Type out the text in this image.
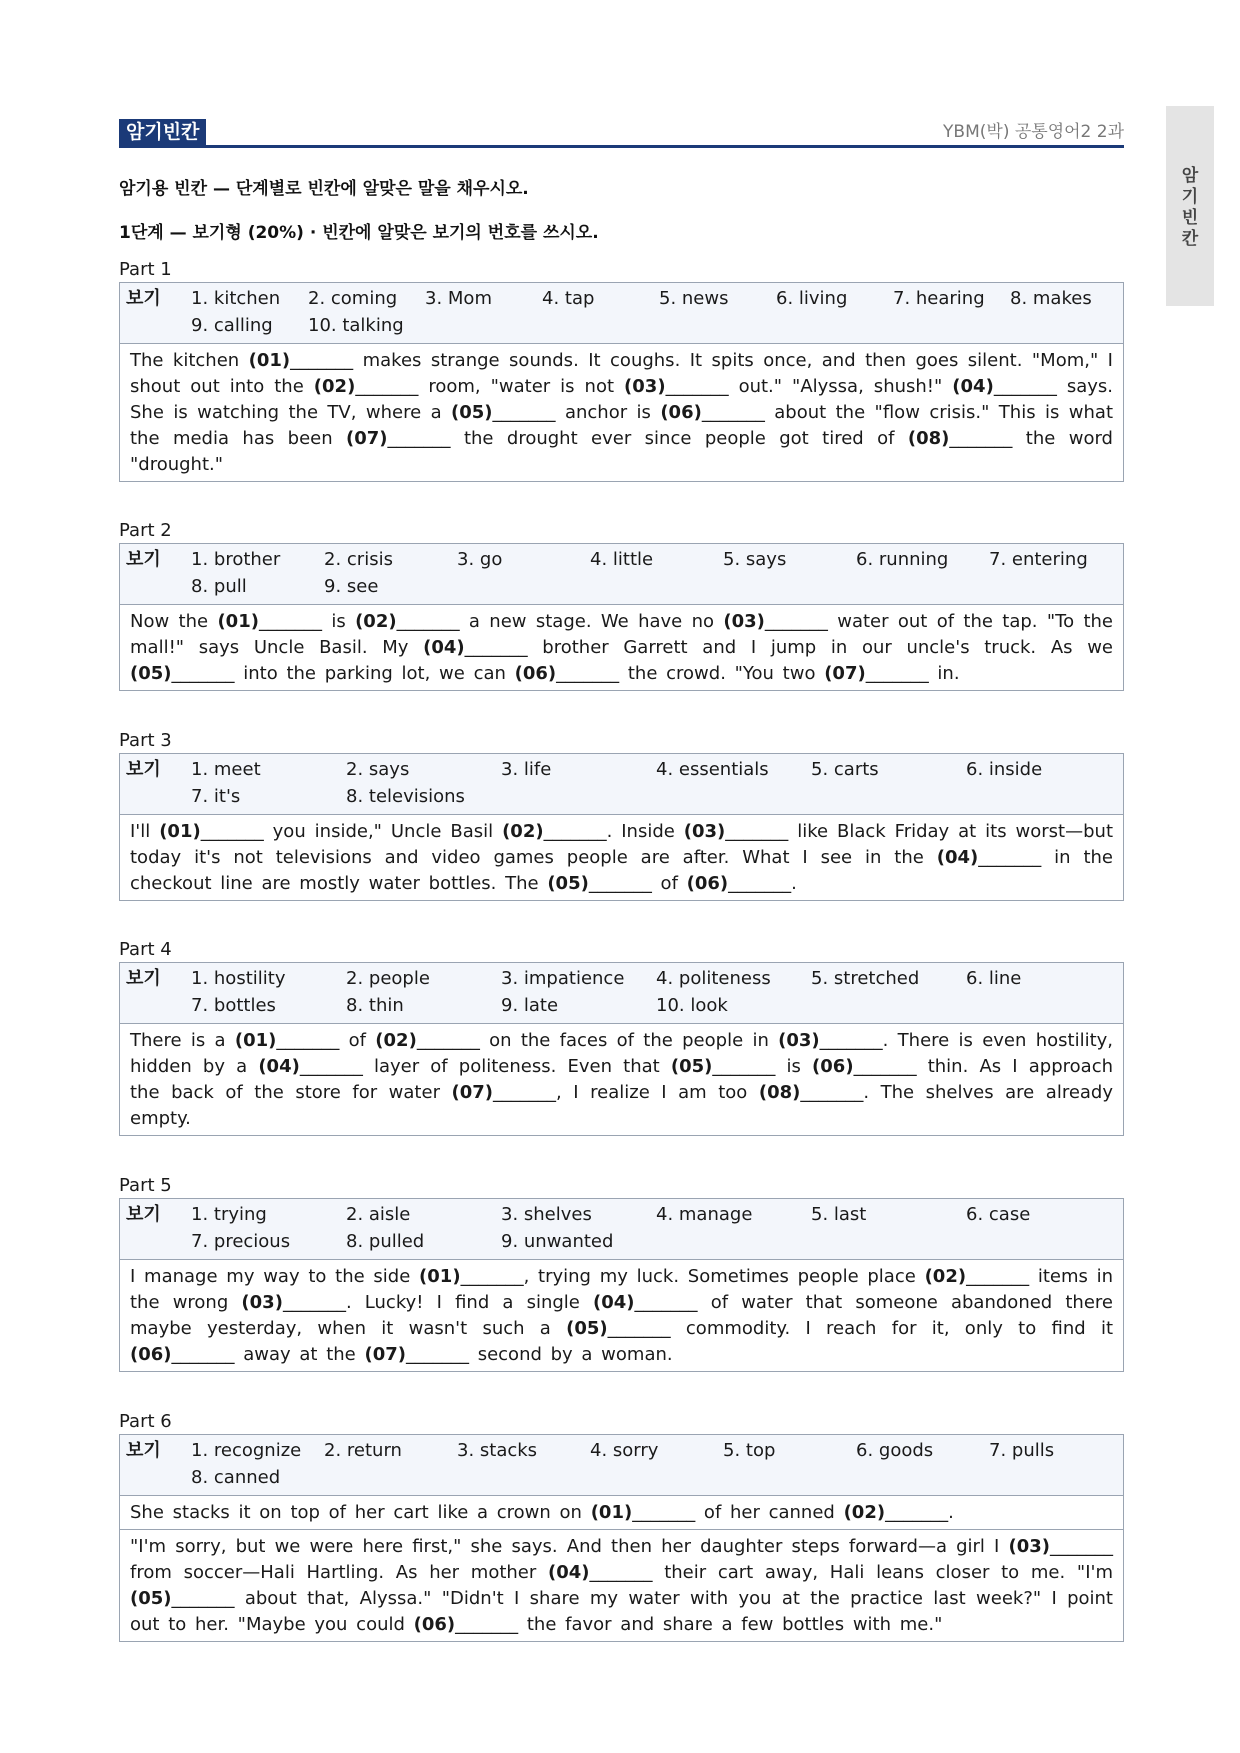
암기빈칸	YBM(박) 공통영어2 2과
암
기
빈
칸
암기용 빈칸 — 단계별로 빈칸에 알맞은 말을 채우시오.
1단계 — 보기형 (20%) · 빈칸에 알맞은 보기의 번호를 쓰시오.
Part 1
보기 1. kitchen	2. coming	3. Mom	4. tap	5. news	6. living	7. hearing	8. makes
9. calling	10. talking
The kitchen (01)_______ makes strange sounds. It coughs. It spits once, and then goes silent. "Mom," I shout out into the (02)_______ room, "water is not (03)_______ out." "Alyssa, shush!" (04)_______ says. She is watching the TV, where a (05)_______ anchor is (06)_______ about the "flow crisis." This is what the media has been (07)_______ the drought ever since people got tired of (08)_______ the word "drought."
Part 2
보기 1. brother	2. crisis	3. go	4. little	5. says	6. running	7. entering
8. pull	9. see
Now the (01)_______ is (02)_______ a new stage. We have no (03)_______ water out of the tap. "To the mall!" says Uncle Basil. My (04)_______ brother Garrett and I jump in our uncle's truck. As we (05)_______ into the parking lot, we can (06)_______ the crowd. "You two (07)_______ in.
Part 3
보기 1. meet	2. says	3. life	4. essentials	5. carts	6. inside
7. it's	8. televisions
I'll (01)_______ you inside," Uncle Basil (02)_______. Inside (03)_______ like Black Friday at its worst—but today it's not televisions and video games people are after. What I see in the (04)_______ in the checkout line are mostly water bottles. The (05)_______ of (06)_______.
Part 4
보기 1. hostility	2. people	3. impatience	4. politeness	5. stretched	6. line
7. bottles	8. thin	9. late	10. look
There is a (01)_______ of (02)_______ on the faces of the people in (03)_______. There is even hostility, hidden by a (04)_______ layer of politeness. Even that (05)_______ is (06)_______ thin. As I approach the back of the store for water (07)_______, I realize I am too (08)_______. The shelves are already empty.
Part 5
보기 1. trying	2. aisle	3. shelves	4. manage	5. last	6. case
7. precious	8. pulled	9. unwanted
I manage my way to the side (01)_______, trying my luck. Sometimes people place (02)_______ items in the wrong (03)_______. Lucky! I find a single (04)_______ of water that someone abandoned there maybe yesterday, when it wasn't such a (05)_______ commodity. I reach for it, only to find it (06)_______ away at the (07)_______ second by a woman.
Part 6
보기 1. recognize	2. return	3. stacks	4. sorry	5. top	6. goods	7. pulls
8. canned
She stacks it on top of her cart like a crown on (01)_______ of her canned (02)_______.
"I'm sorry, but we were here first," she says. And then her daughter steps forward—a girl I (03)_______ from soccer—Hali Hartling. As her mother (04)_______ their cart away, Hali leans closer to me. "I'm (05)_______ about that, Alyssa." "Didn't I share my water with you at the practice last week?" I point out to her. "Maybe you could (06)_______ the favor and share a few bottles with me."
